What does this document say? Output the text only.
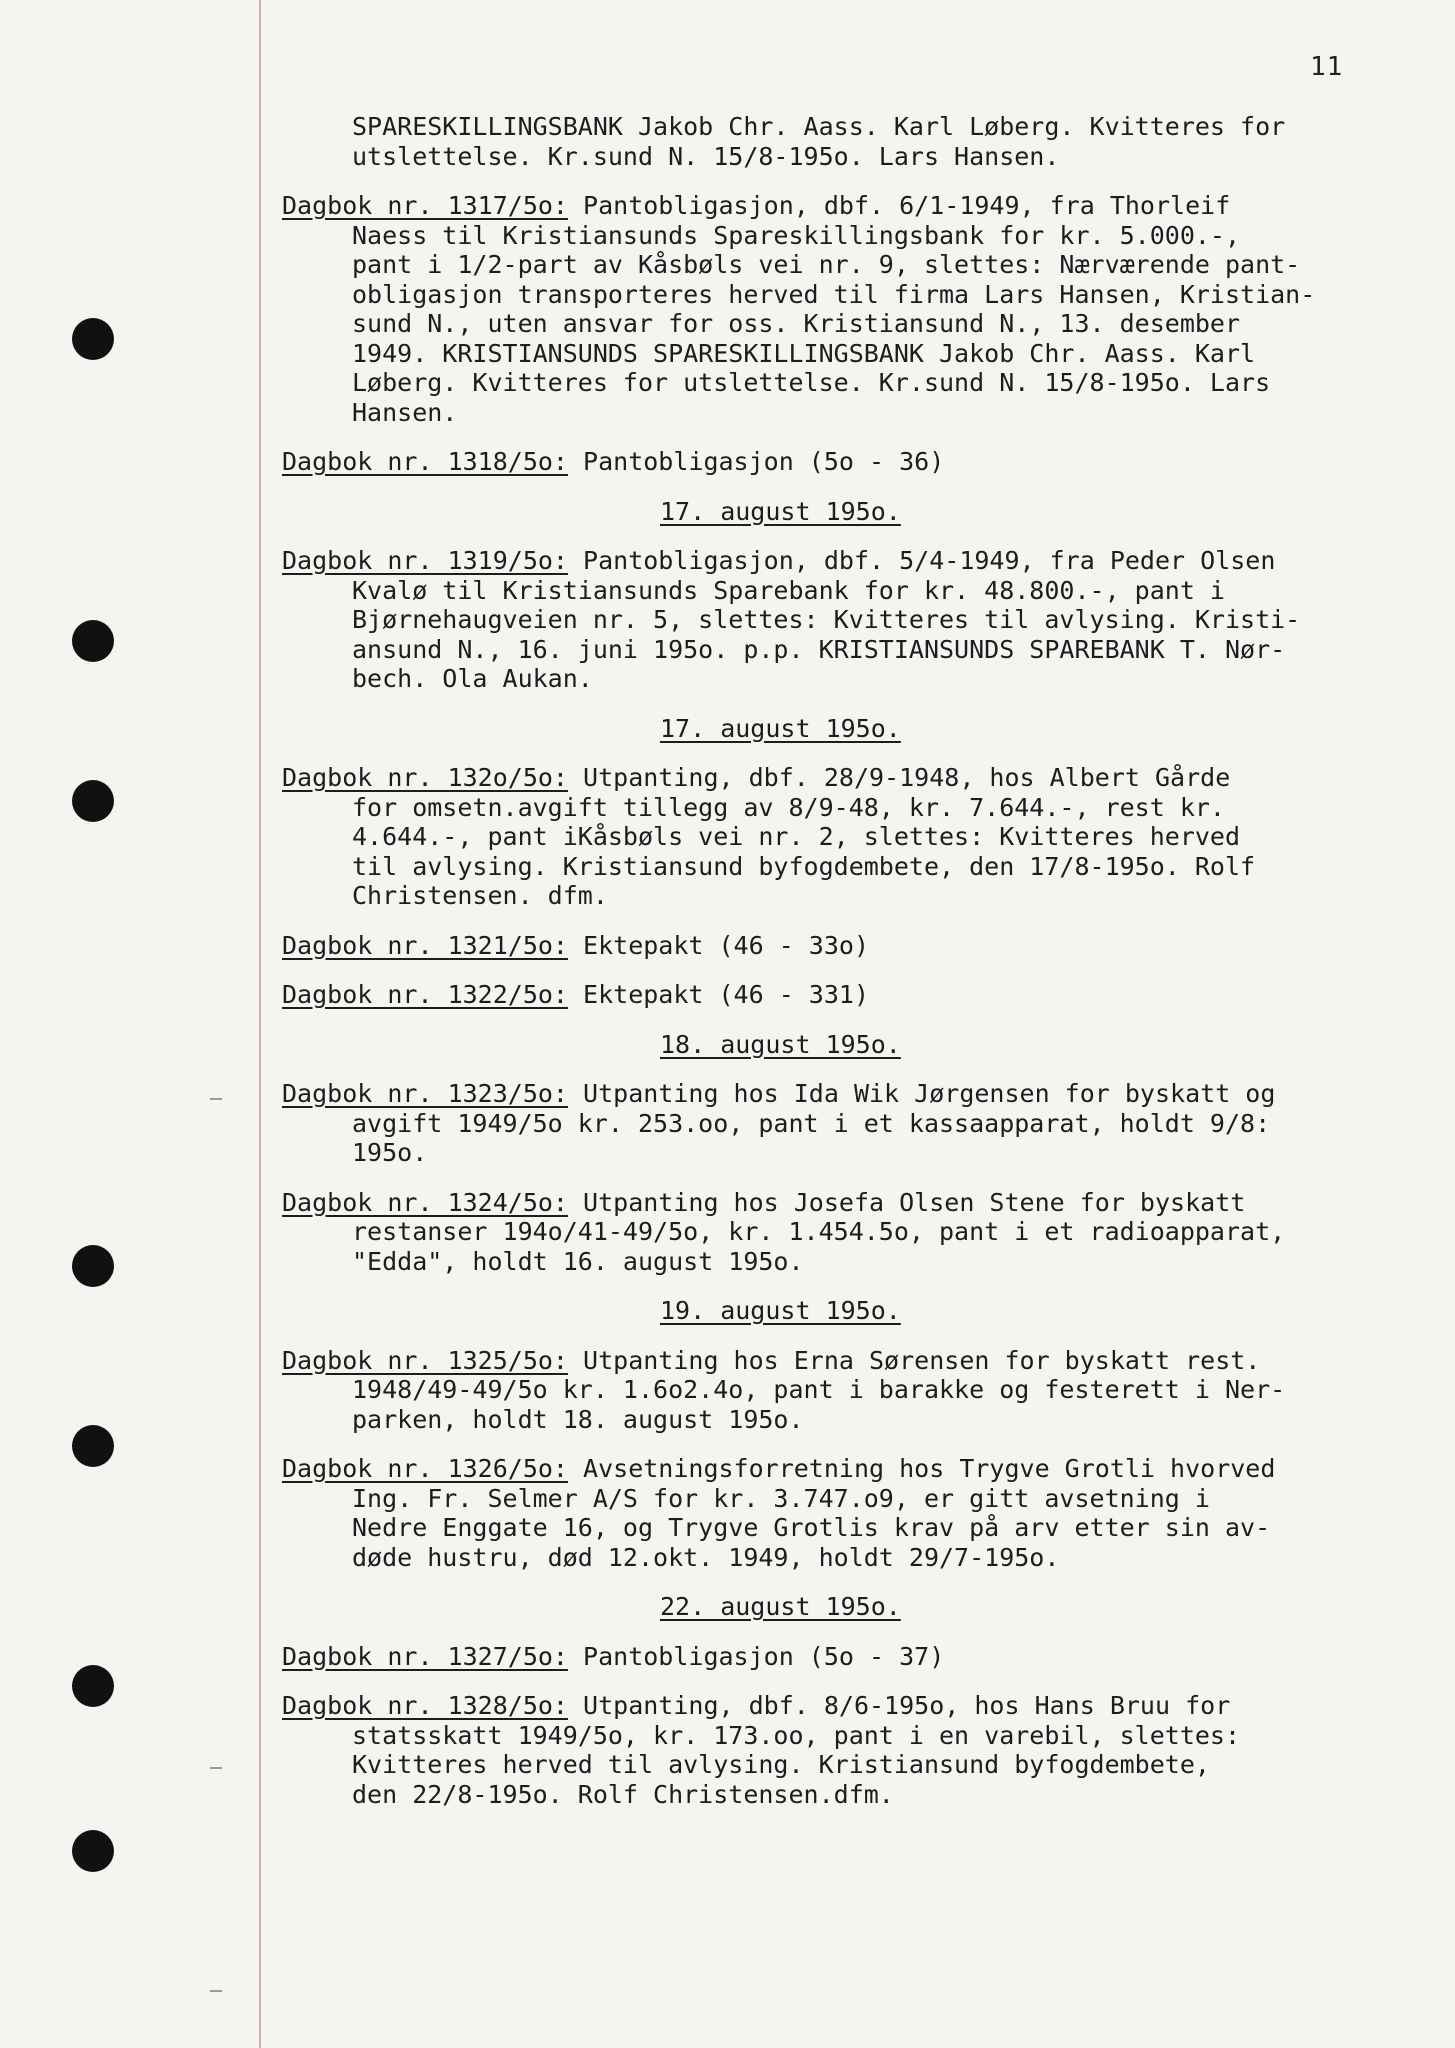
11
SPARESKILLINGSBANK Jakob Chr. Aass. Karl Løberg. Kvitteres for
utslettelse. Kr.sund N. 15/8-195o. Lars Hansen.
Dagbok nr. 1317/5o: Pantobligasjon, dbf. 6/1-1949, fra Thorleif
Naess til Kristiansunds Spareskillingsbank for kr. 5.000.-,
pant i 1/2-part av Kåsbøls vei nr. 9, slettes: Nærværende pant-
obligasjon transporteres herved til firma Lars Hansen, Kristian-
sund N., uten ansvar for oss. Kristiansund N., 13. desember
1949. KRISTIANSUNDS SPARESKILLINGSBANK Jakob Chr. Aass. Karl
Løberg. Kvitteres for utslettelse. Kr.sund N. 15/8-195o. Lars
Hansen.
Dagbok nr. 1318/5o: Pantobligasjon (5o - 36)
17. august 195o.
Dagbok nr. 1319/5o: Pantobligasjon, dbf. 5/4-1949, fra Peder Olsen
Kvalø til Kristiansunds Sparebank for kr. 48.800.-, pant i
Bjørnehaugveien nr. 5, slettes: Kvitteres til avlysing. Kristi-
ansund N., 16. juni 195o. p.p. KRISTIANSUNDS SPAREBANK T. Nør-
bech. Ola Aukan.
17. august 195o.
Dagbok nr. 132o/5o: Utpanting, dbf. 28/9-1948, hos Albert Gårde
for omsetn.avgift tillegg av 8/9-48, kr. 7.644.-, rest kr.
4.644.-, pant iKåsbøls vei nr. 2, slettes: Kvitteres herved
til avlysing. Kristiansund byfogdembete, den 17/8-195o. Rolf
Christensen. dfm.
Dagbok nr. 1321/5o: Ektepakt (46 - 33o)
Dagbok nr. 1322/5o: Ektepakt (46 - 331)
18. august 195o.
Dagbok nr. 1323/5o: Utpanting hos Ida Wik Jørgensen for byskatt og
avgift 1949/5o kr. 253.oo, pant i et kassaapparat, holdt 9/8:
195o.
Dagbok nr. 1324/5o: Utpanting hos Josefa Olsen Stene for byskatt
restanser 194o/41-49/5o, kr. 1.454.5o, pant i et radioapparat,
"Edda", holdt 16. august 195o.
19. august 195o.
Dagbok nr. 1325/5o: Utpanting hos Erna Sørensen for byskatt rest.
1948/49-49/5o kr. 1.6o2.4o, pant i barakke og festerett i Ner-
parken, holdt 18. august 195o.
Dagbok nr. 1326/5o: Avsetningsforretning hos Trygve Grotli hvorved
Ing. Fr. Selmer A/S for kr. 3.747.o9, er gitt avsetning i
Nedre Enggate 16, og Trygve Grotlis krav på arv etter sin av-
døde hustru, død 12.okt. 1949, holdt 29/7-195o.
22. august 195o.
Dagbok nr. 1327/5o: Pantobligasjon (5o - 37)
Dagbok nr. 1328/5o: Utpanting, dbf. 8/6-195o, hos Hans Bruu for
statsskatt 1949/5o, kr. 173.oo, pant i en varebil, slettes:
Kvitteres herved til avlysing. Kristiansund byfogdembete,
den 22/8-195o. Rolf Christensen.dfm.
